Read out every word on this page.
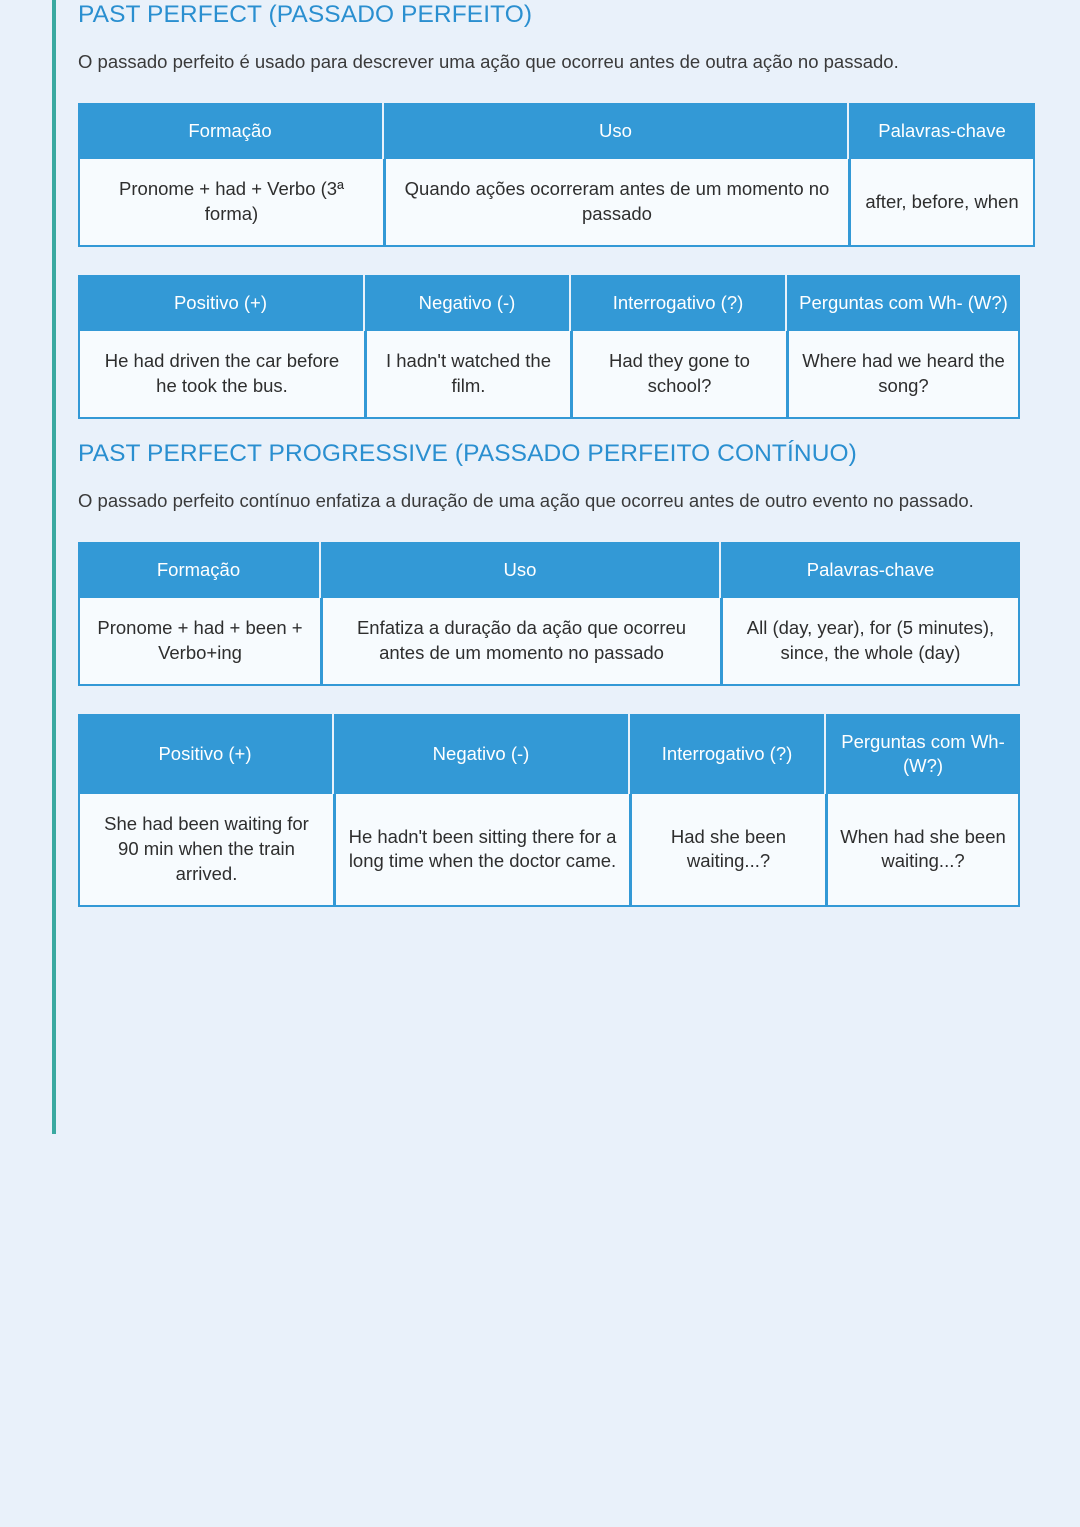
PAST PERFECT (PASSADO PERFEITO)

O passado perfeito é usado para descrever uma ação que ocorreu antes de outra ação no passado.

Formação	Uso	Palavras-chave
Pronome + had + Verbo (3ª forma)	Quando ações ocorreram antes de um momento no passado	after, before, when
Positivo (+)	Negativo (-)	Interrogativo (?)	Perguntas com Wh- (W?)
He had driven the car before he took the bus.	I hadn't watched the film.	Had they gone to school?	Where had we heard the song?
PAST PERFECT PROGRESSIVE (PASSADO PERFEITO CONTÍNUO)

O passado perfeito contínuo enfatiza a duração de uma ação que ocorreu antes de outro evento no passado.

Formação	Uso	Palavras-chave
Pronome + had + been + Verbo+ing	Enfatiza a duração da ação que ocorreu antes de um momento no passado	All (day, year), for (5 minutes), since, the whole (day)
Positivo (+)	Negativo (-)	Interrogativo (?)	Perguntas com Wh- (W?)
She had been waiting for 90 min when the train arrived.	He hadn't been sitting there for a long time when the doctor came.	Had she been waiting...?	When had she been waiting...?
